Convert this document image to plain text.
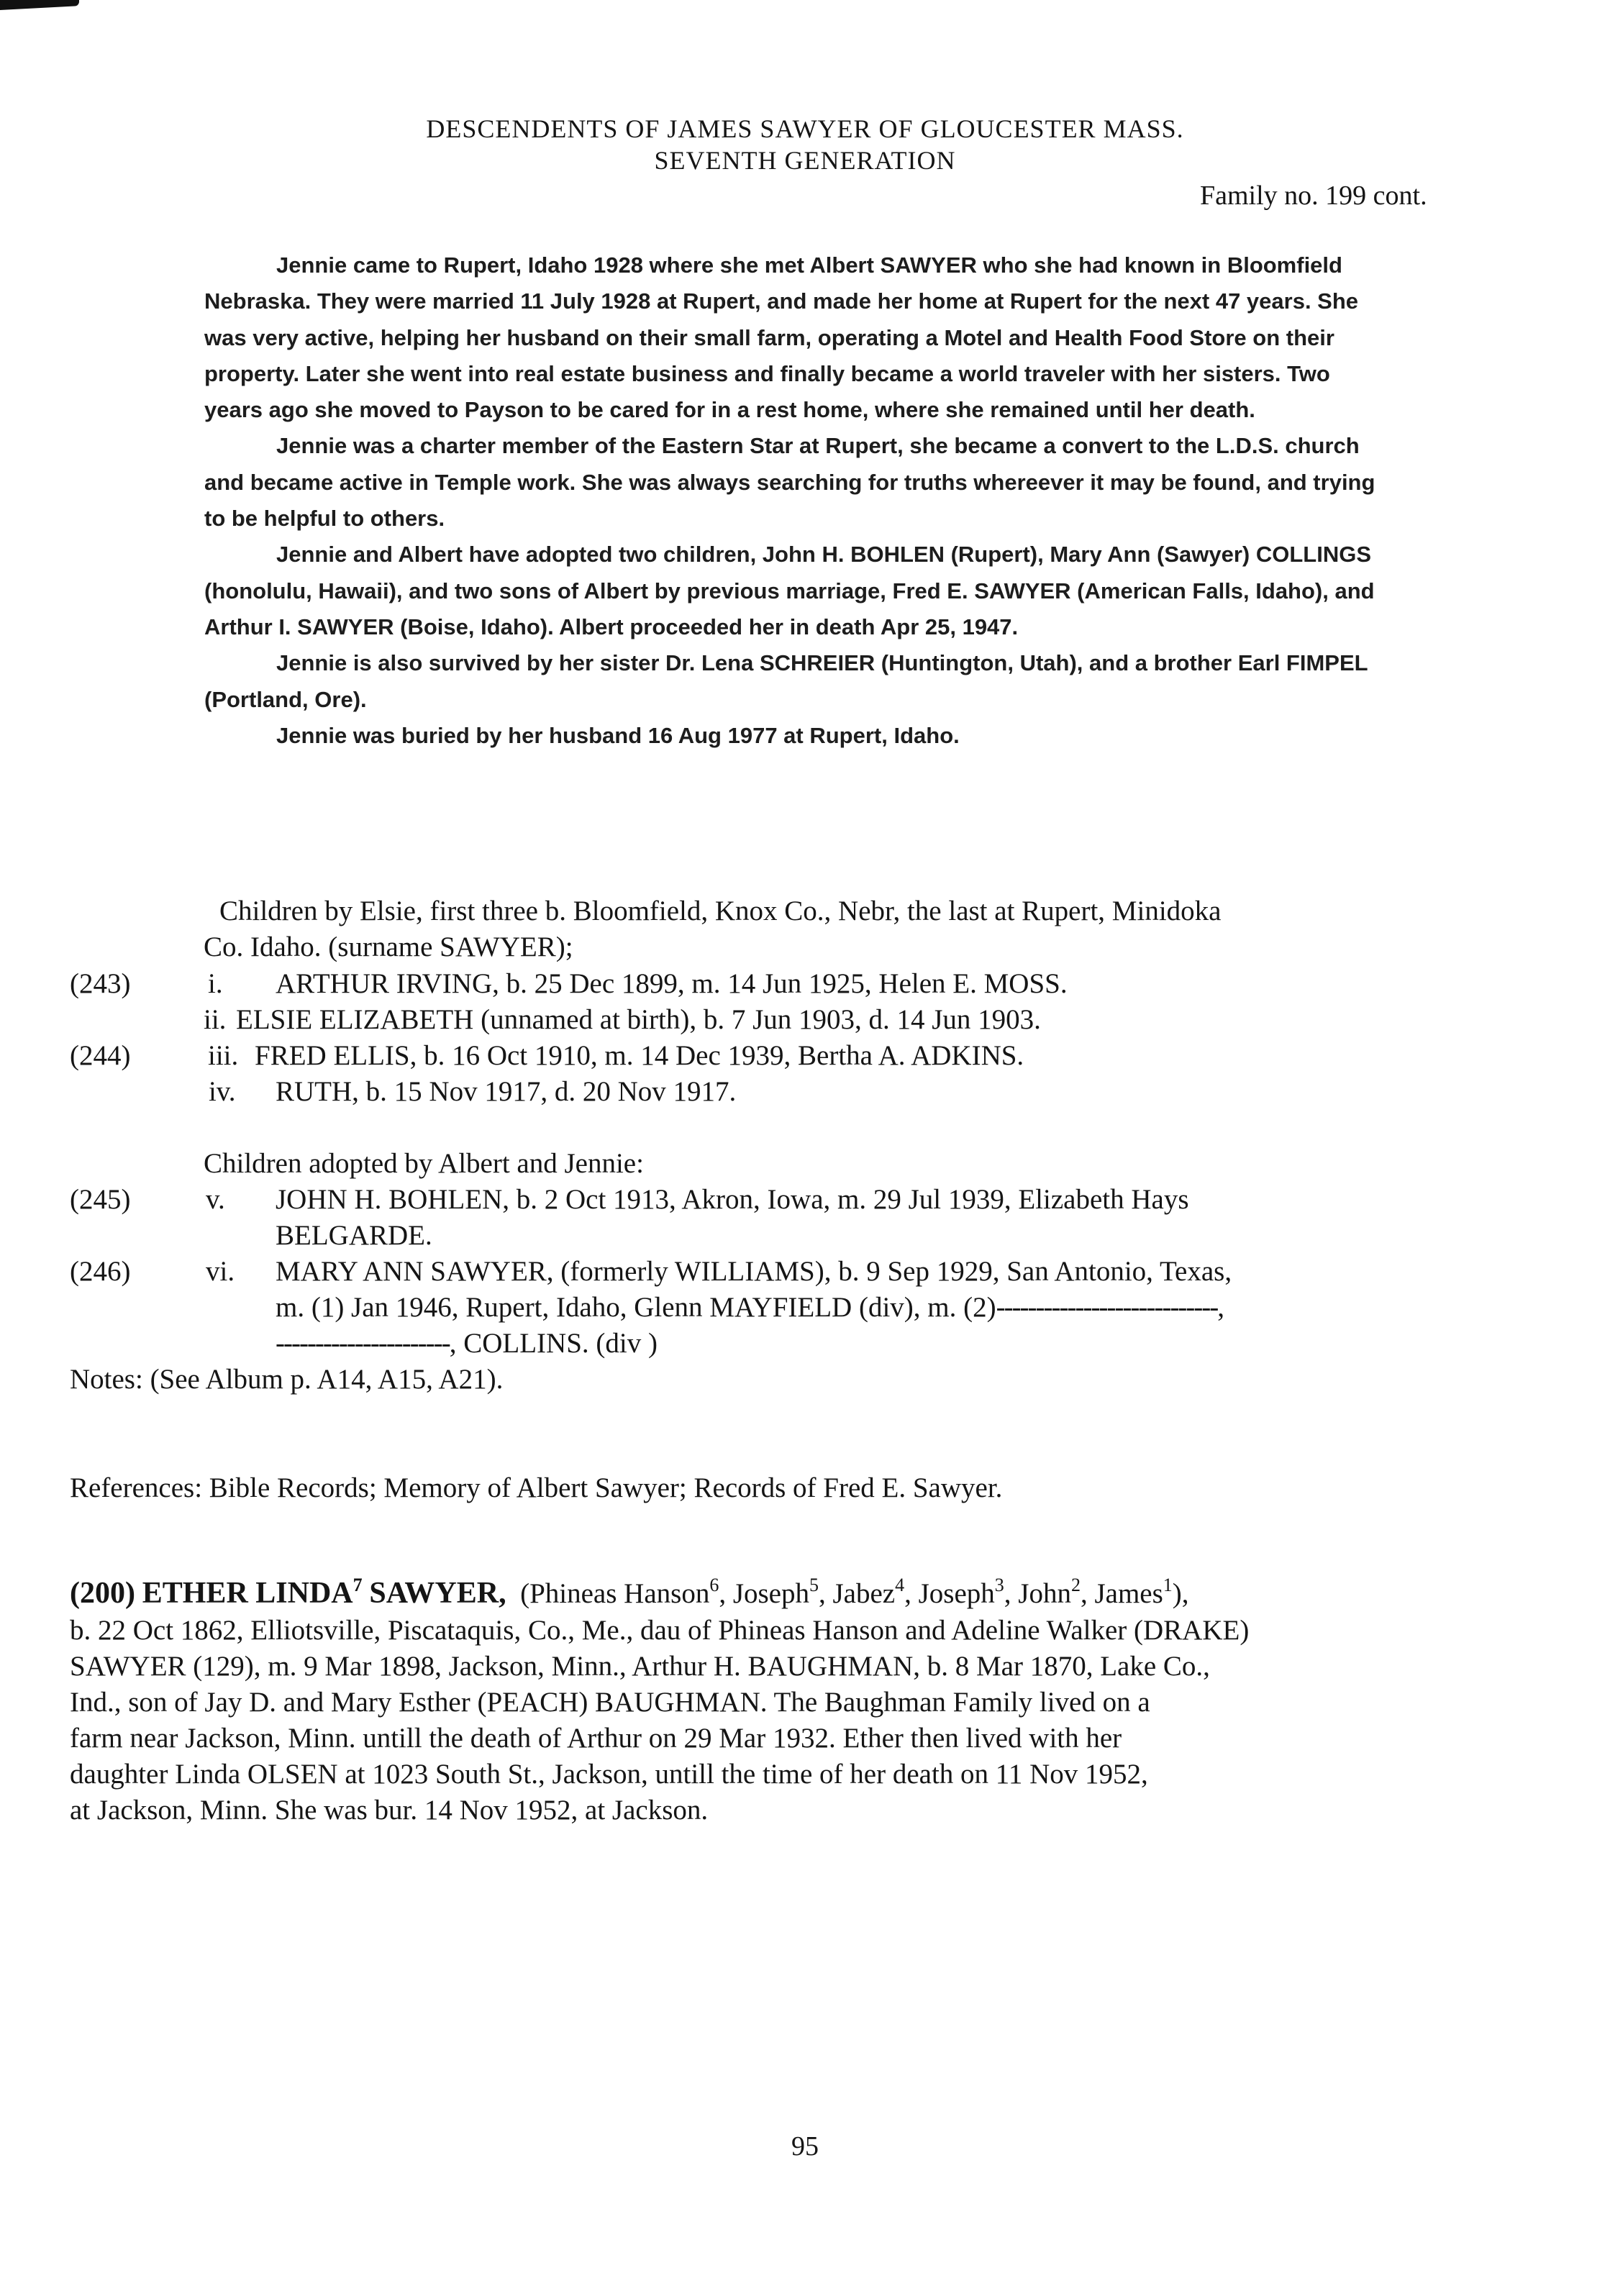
DESCENDENTS OF JAMES SAWYER OF GLOUCESTER MASS.
SEVENTH GENERATION
Family no. 199 cont.

Jennie came to Rupert, Idaho 1928 where she met Albert SAWYER who she had known in Bloomfield Nebraska. They were married 11 July 1928 at Rupert, and made her home at Rupert for the next 47 years. She was very active, helping her husband on their small farm, operating a Motel and Health Food Store on their property. Later she went into real estate business and finally became a world traveler with her sisters. Two years ago she moved to Payson to be cared for in a rest home, where she remained until her death.

Jennie was a charter member of the Eastern Star at Rupert, she became a convert to the L.D.S. church and became active in Temple work. She was always searching for truths whereever it may be found, and trying to be helpful to others.

Jennie and Albert have adopted two children, John H. BOHLEN (Rupert), Mary Ann (Sawyer) COLLINGS (honolulu, Hawaii), and two sons of Albert by previous marriage, Fred E. SAWYER (American Falls, Idaho), and Arthur I. SAWYER (Boise, Idaho). Albert proceeded her in death Apr 25, 1947.

Jennie is also survived by her sister Dr. Lena SCHREIER (Huntington, Utah), and a brother Earl FIMPEL (Portland, Ore).

Jennie was buried by her husband 16 Aug 1977 at Rupert, Idaho.

Children by Elsie, first three b. Bloomfield, Knox Co., Nebr, the last at Rupert, Minidoka
Co. Idaho. (surname SAWYER);
(243)	i. ARTHUR IRVING, b. 25 Dec 1899, m. 14 Jun 1925, Helen E. MOSS.
ii. ELSIE ELIZABETH (unnamed at birth), b. 7 Jun 1903, d. 14 Jun 1903.
(244)	iii. FRED ELLIS, b. 16 Oct 1910, m. 14 Dec 1939, Bertha A. ADKINS.
iv. RUTH, b. 15 Nov 1917, d. 20 Nov 1917.
Children adopted by Albert and Jennie:
(245)	v. JOHN H. BOHLEN, b. 2 Oct 1913, Akron, Iowa, m. 29 Jul 1939, Elizabeth Hays
BELGARDE.
(246)	vi. MARY ANN SAWYER, (formerly WILLIAMS), b. 9 Sep 1929, San Antonio, Texas,
m. (1) Jan 1946, Rupert, Idaho, Glenn MAYFIELD (div), m. (2)----------------------------,
----------------------, COLLINS. (div )
Notes: (See Album p. A14, A15, A21).
References: Bible Records; Memory of Albert Sawyer; Records of Fred E. Sawyer.
(200) ETHER LINDA$^7$ SAWYER, (Phineas Hanson$^6$, Joseph$^5$, Jabez$^4$, Joseph$^3$, John$^2$, James$^1$),
b. 22 Oct 1862, Elliotsville, Piscataquis, Co., Me., dau of Phineas Hanson and Adeline Walker (DRAKE)
SAWYER (129), m. 9 Mar 1898, Jackson, Minn., Arthur H. BAUGHMAN, b. 8 Mar 1870, Lake Co.,
Ind., son of Jay D. and Mary Esther (PEACH) BAUGHMAN. The Baughman Family lived on a
farm near Jackson, Minn. untill the death of Arthur on 29 Mar 1932. Ether then lived with her
daughter Linda OLSEN at 1023 South St., Jackson, untill the time of her death on 11 Nov 1952,
at Jackson, Minn. She was bur. 14 Nov 1952, at Jackson.
95
